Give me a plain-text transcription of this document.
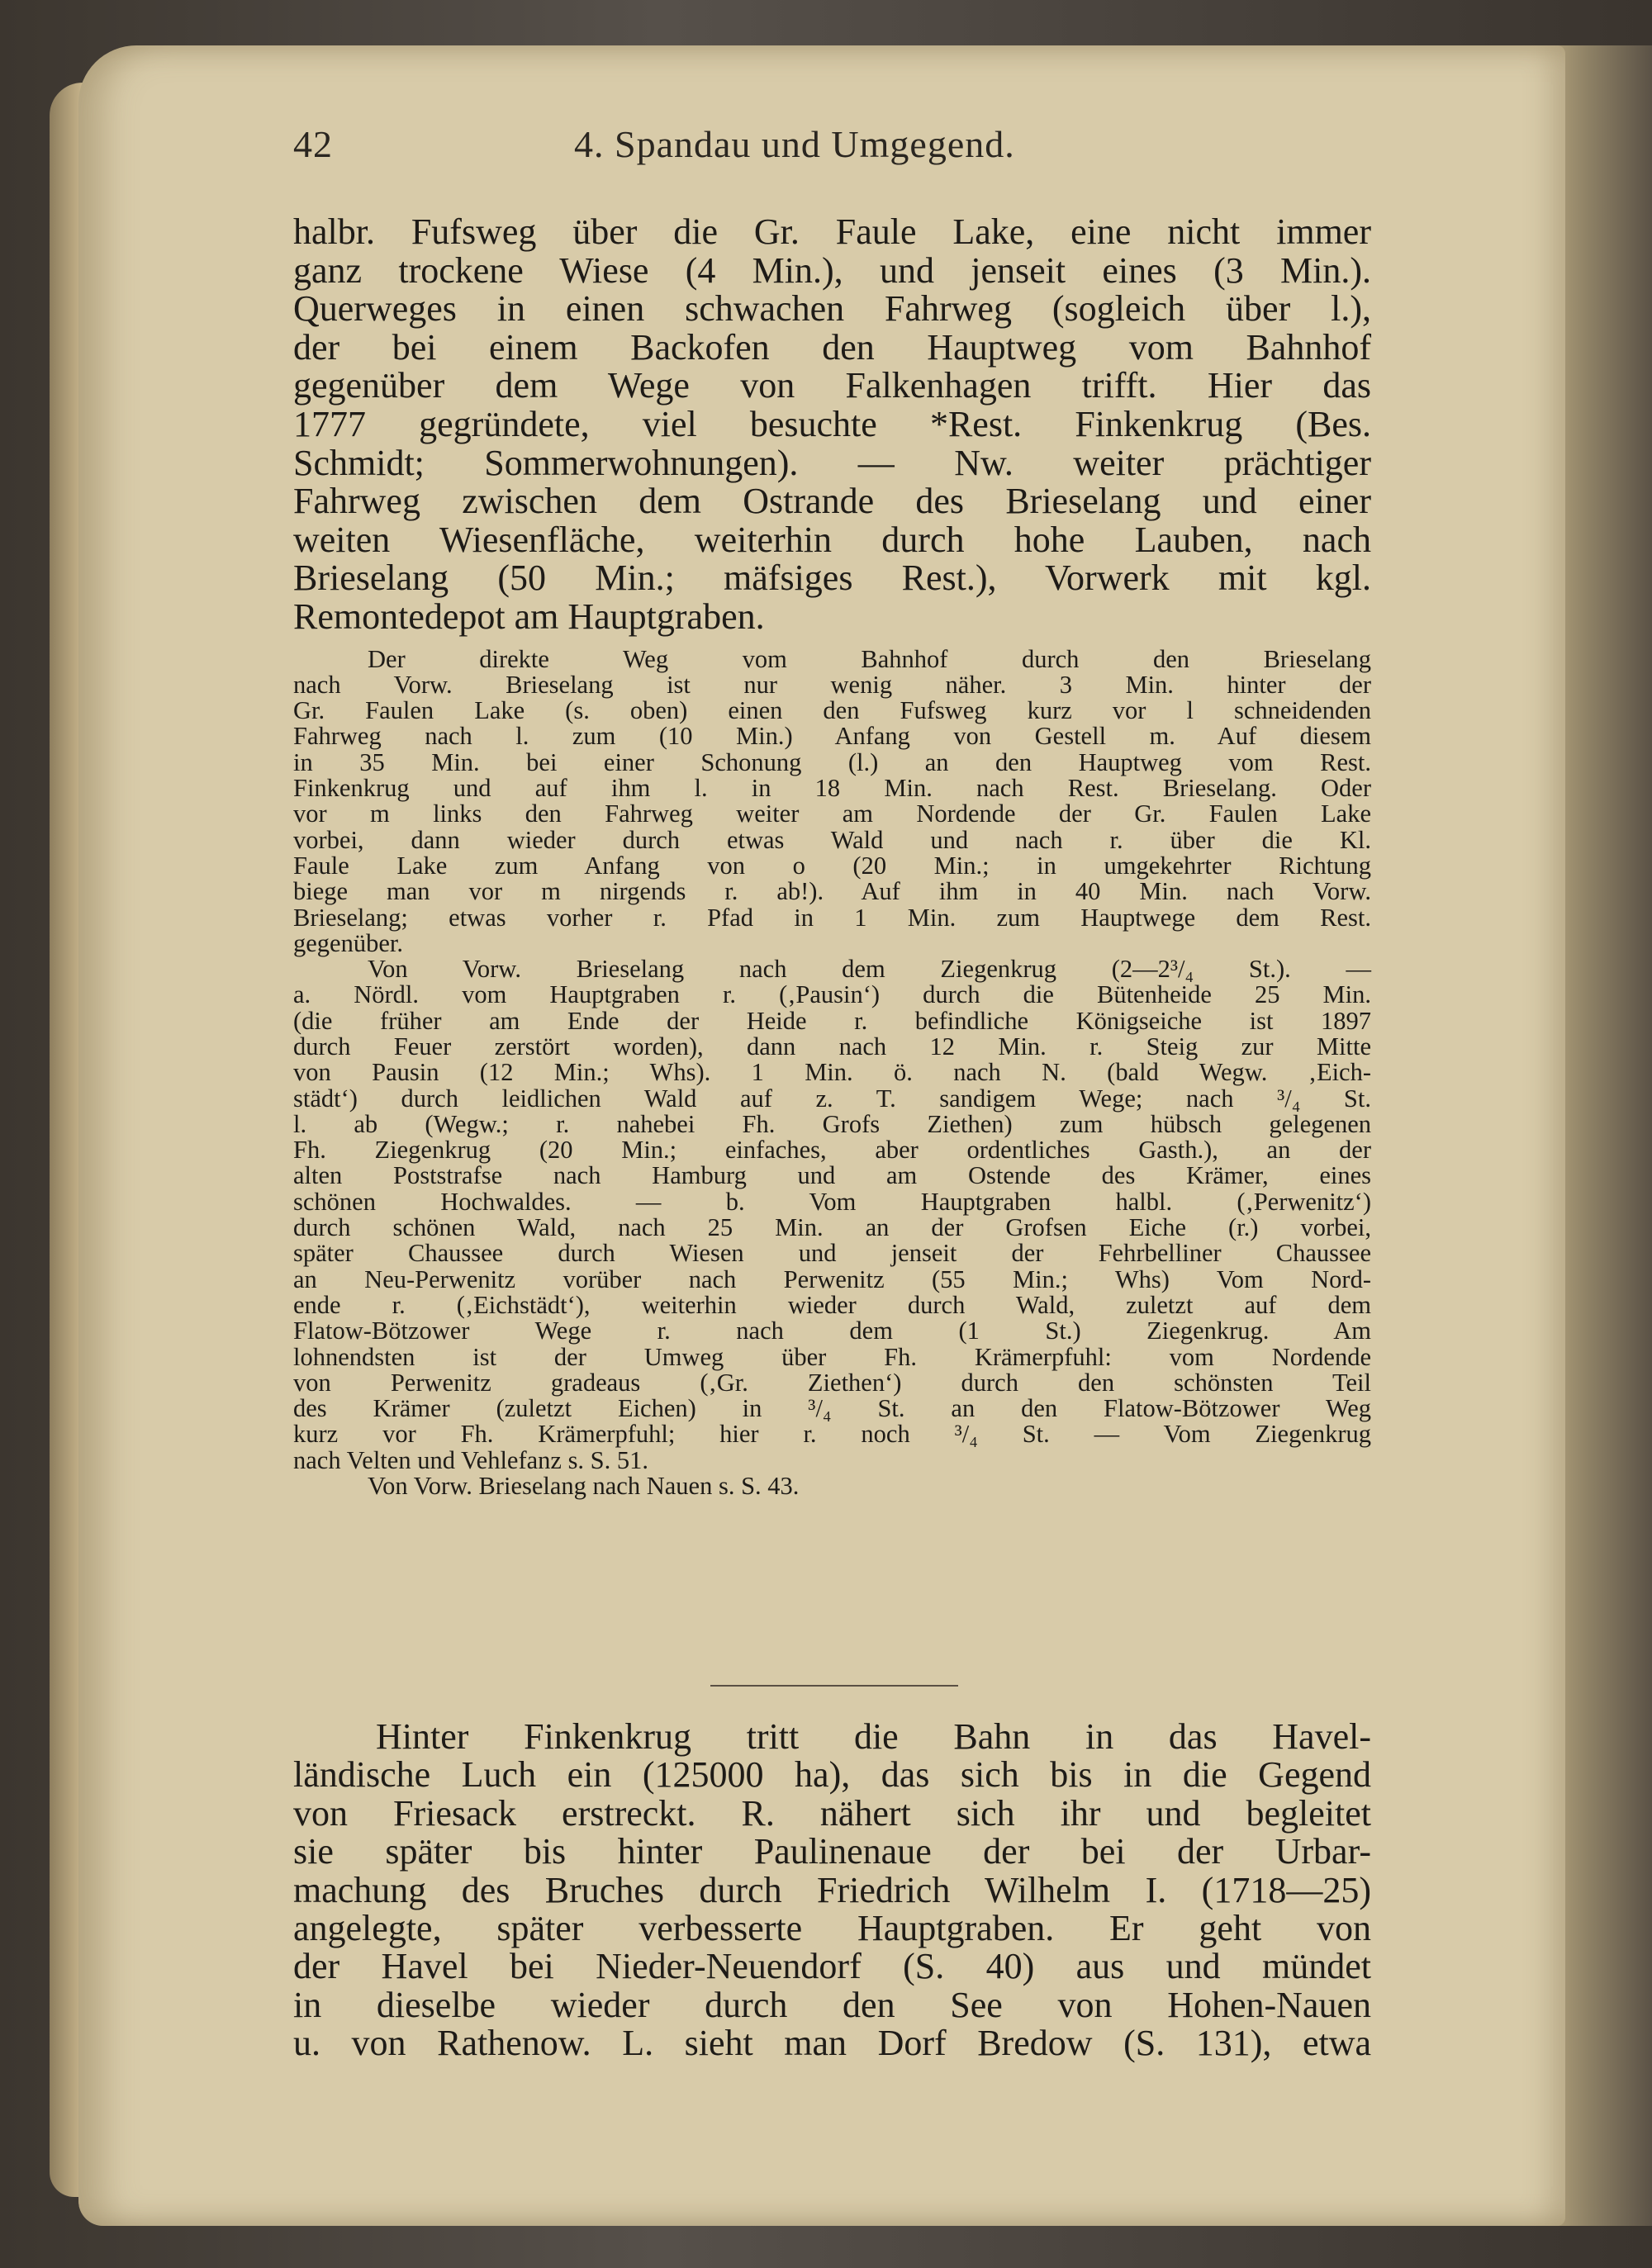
42	4. Spandau und Umgegend.

halbr. Fufsweg über die Gr. Faule Lake, eine nicht immer

ganz trockene Wiese (4 Min.), und jenseit eines (3 Min.).

Querweges in einen schwachen Fahrweg (sogleich über l.),

der bei einem Backofen den Hauptweg vom Bahnhof

gegenüber dem Wege von Falkenhagen trifft. Hier das

1777 gegründete, viel besuchte *Rest. Finkenkrug (Bes.

Schmidt; Sommerwohnungen). — Nw. weiter prächtiger

Fahrweg zwischen dem Ostrande des Brieselang und einer

weiten Wiesenfläche, weiterhin durch hohe Lauben, nach

Brieselang (50 Min.; mäfsiges Rest.), Vorwerk mit kgl.

Remontedepot am Hauptgraben.

Der direkte Weg vom Bahnhof durch den Brieselang

nach Vorw. Brieselang ist nur wenig näher. 3 Min. hinter der

Gr. Faulen Lake (s. oben) einen den Fufsweg kurz vor l schneidenden

Fahrweg nach l. zum (10 Min.) Anfang von Gestell m. Auf diesem

in 35 Min. bei einer Schonung (l.) an den Hauptweg vom Rest.

Finkenkrug und auf ihm l. in 18 Min. nach Rest. Brieselang. Oder

vor m links den Fahrweg weiter am Nordende der Gr. Faulen Lake

vorbei, dann wieder durch etwas Wald und nach r. über die Kl.

Faule Lake zum Anfang von o (20 Min.; in umgekehrter Richtung

biege man vor m nirgends r. ab!). Auf ihm in 40 Min. nach Vorw.

Brieselang; etwas vorher r. Pfad in 1 Min. zum Hauptwege dem Rest.

gegenüber.

Von Vorw. Brieselang nach dem Ziegenkrug (2—2³/₄ St.). —

a. Nördl. vom Hauptgraben r. (‚Pausin‘) durch die Bütenheide 25 Min.

(die früher am Ende der Heide r. befindliche Königseiche ist 1897

durch Feuer zerstört worden), dann nach 12 Min. r. Steig zur Mitte

von Pausin (12 Min.; Whs). 1 Min. ö. nach N. (bald Wegw. ‚Eich-

städt‘) durch leidlichen Wald auf z. T. sandigem Wege; nach ³/₄ St.

l. ab (Wegw.; r. nahebei Fh. Grofs Ziethen) zum hübsch gelegenen

Fh. Ziegenkrug (20 Min.; einfaches, aber ordentliches Gasth.), an der

alten Poststrafse nach Hamburg und am Ostende des Krämer, eines

schönen Hochwaldes. — b. Vom Hauptgraben halbl. (‚Perwenitz‘)

durch schönen Wald, nach 25 Min. an der Grofsen Eiche (r.) vorbei,

später Chaussee durch Wiesen und jenseit der Fehrbelliner Chaussee

an Neu-Perwenitz vorüber nach Perwenitz (55 Min.; Whs) Vom Nord-

ende r. (‚Eichstädt‘), weiterhin wieder durch Wald, zuletzt auf dem

Flatow-Bötzower Wege r. nach dem (1 St.) Ziegenkrug. Am

lohnendsten ist der Umweg über Fh. Krämerpfuhl: vom Nordende

von Perwenitz gradeaus (‚Gr. Ziethen‘) durch den schönsten Teil

des Krämer (zuletzt Eichen) in ³/₄ St. an den Flatow-Bötzower Weg

kurz vor Fh. Krämerpfuhl; hier r. noch ³/₄ St. — Vom Ziegenkrug

nach Velten und Vehlefanz s. S. 51.

Von Vorw. Brieselang nach Nauen s. S. 43.

Hinter Finkenkrug tritt die Bahn in das Havel-

ländische Luch ein (125000 ha), das sich bis in die Gegend

von Friesack erstreckt. R. nähert sich ihr und begleitet

sie später bis hinter Paulinenaue der bei der Urbar-

machung des Bruches durch Friedrich Wilhelm I. (1718—25)

angelegte, später verbesserte Hauptgraben. Er geht von

der Havel bei Nieder-Neuendorf (S. 40) aus und mündet

in dieselbe wieder durch den See von Hohen-Nauen

u. von Rathenow. L. sieht man Dorf Bredow (S. 131), etwa
